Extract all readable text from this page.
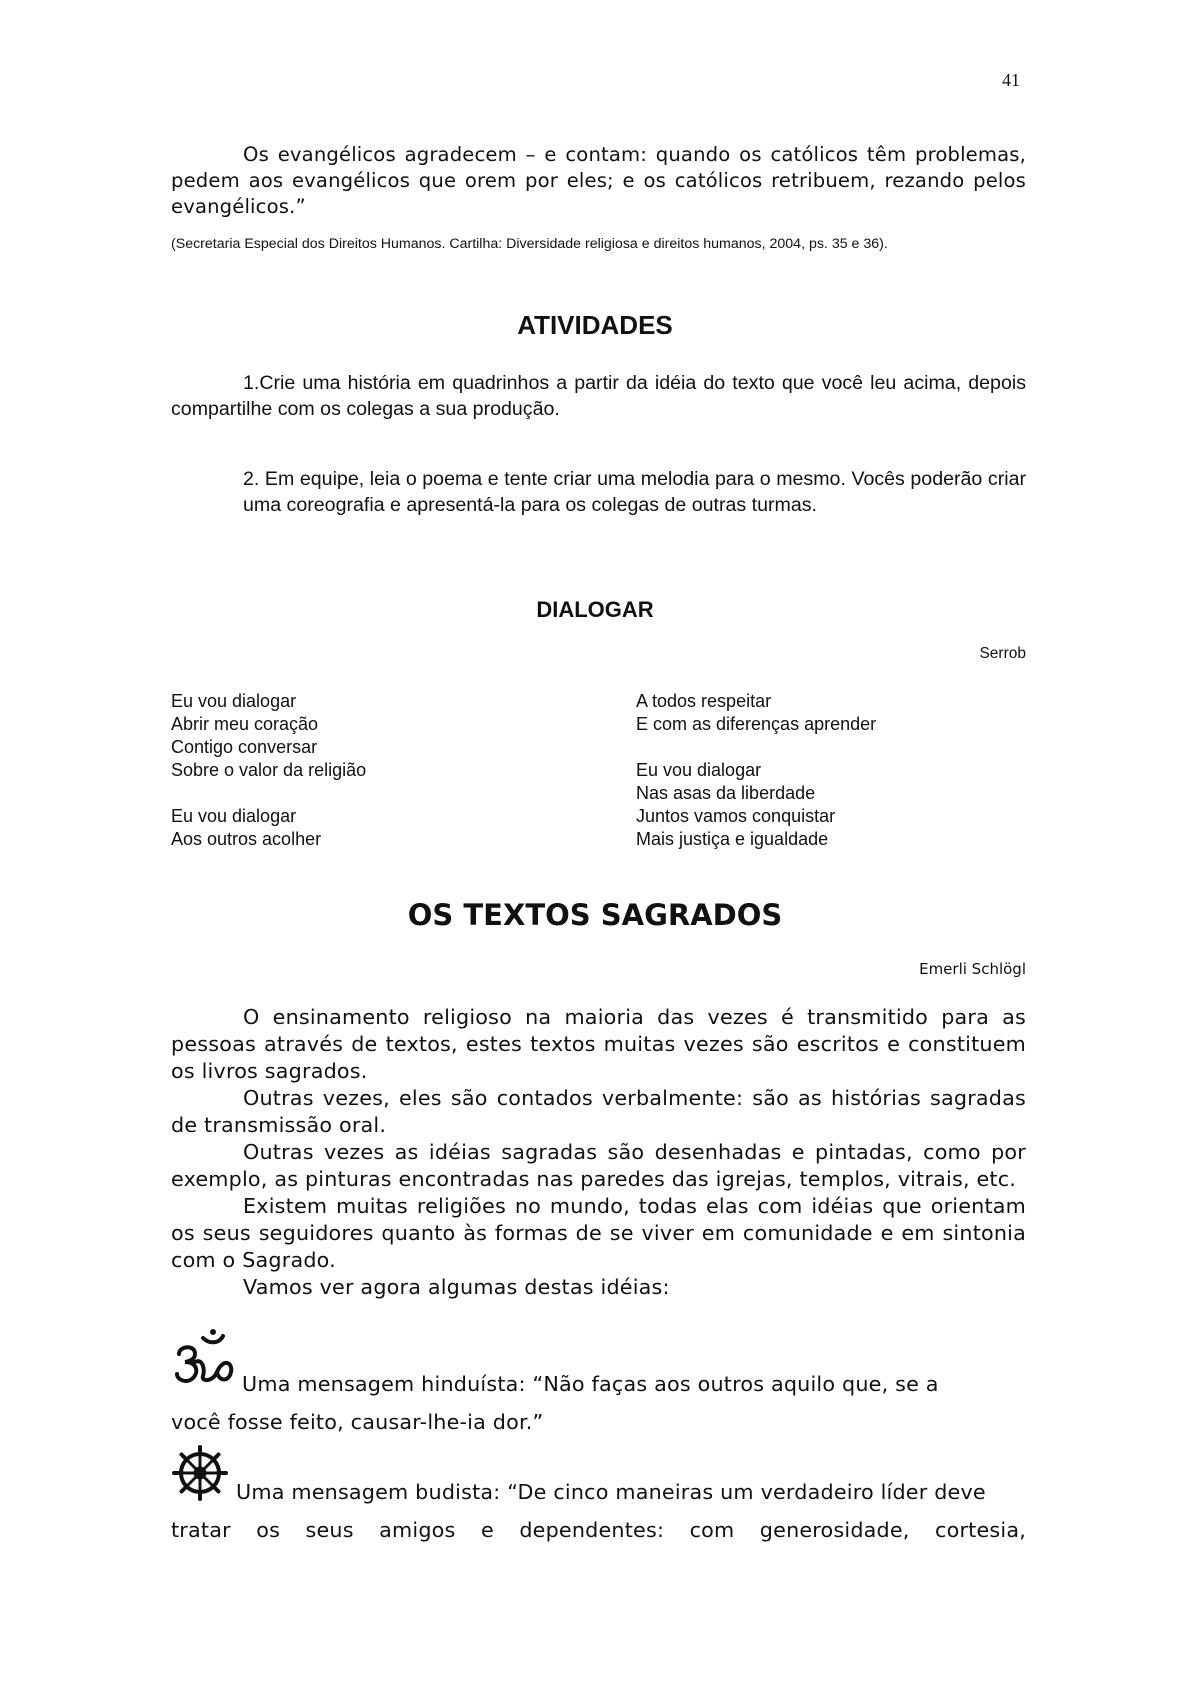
41

Os evangélicos agradecem – e contam: quando os católicos têm problemas, pedem aos evangélicos que orem por eles; e os católicos retribuem, rezando pelos evangélicos.”

(Secretaria Especial dos Direitos Humanos. Cartilha: Diversidade religiosa e direitos humanos, 2004, ps. 35 e 36).
ATIVIDADES

1.Crie uma história em quadrinhos a partir da idéia do texto que você leu acima, depois compartilhe com os colegas a sua produção.

2. Em equipe, leia o poema e tente criar uma melodia para o mesmo. Vocês poderão criar uma coreografia e apresentá-la para os colegas de outras turmas.

DIALOGAR
Serrob
Eu vou dialogar
Abrir meu coração
Contigo conversar
Sobre o valor da religião
Eu vou dialogar
Aos outros acolher
A todos respeitar
E com as diferenças aprender
Eu vou dialogar
Nas asas da liberdade
Juntos vamos conquistar
Mais justiça e igualdade
OS TEXTOS SAGRADOS
Emerli Schlögl

O ensinamento religioso na maioria das vezes é transmitido para as pessoas através de textos, estes textos muitas vezes são escritos e constituem os livros sagrados.

Outras vezes, eles são contados verbalmente: são as histórias sagradas de transmissão oral.

Outras vezes as idéias sagradas são desenhadas e pintadas, como por exemplo, as pinturas encontradas nas paredes das igrejas, templos, vitrais, etc.

Existem muitas religiões no mundo, todas elas com idéias que orientam os seus seguidores quanto às formas de se viver em comunidade e em sintonia com o Sagrado.

Vamos ver agora algumas destas idéias:

Uma mensagem hinduísta: “Não faças aos outros aquilo que, se a
você fosse feito, causar-lhe-ia dor.”
Uma mensagem budista: “De cinco maneiras um verdadeiro líder deve
tratar os seus amigos e dependentes: com generosidade, cortesia,
